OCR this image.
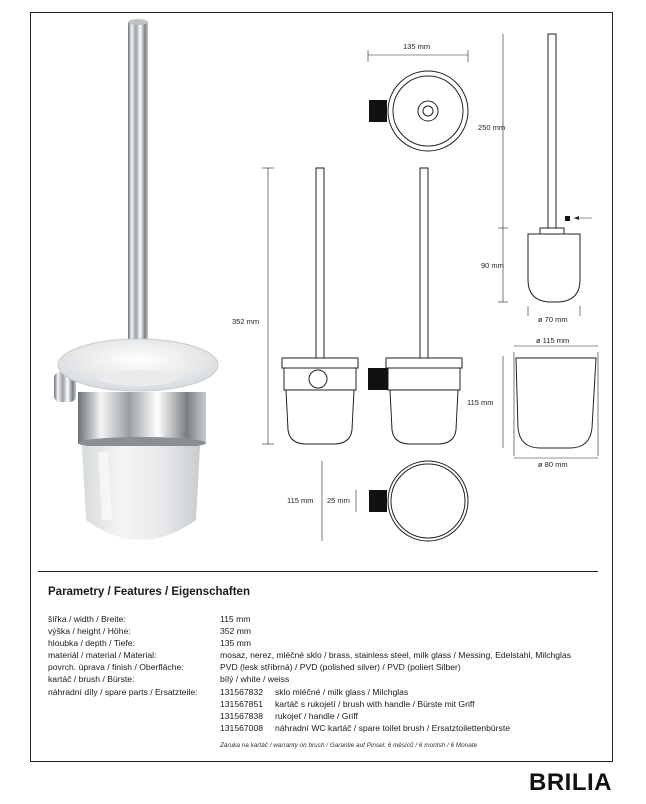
135 mm
250 mm
352 mm
90 mm
ø 70 mm
ø 115 mm
115 mm
ø 80 mm
115 mm 25 mm
Parametry / Features / Eigenschaften
šířka / width / Breite:	115 mm
výška / height / Höhe:	352 mm
hloubka / depth / Tiefe:	135 mm
materiál / material / Material:	mosaz, nerez, mléčné sklo / brass, stainless steel, milk glass / Messing, Edelstahl, Milchglas
povrch. úprava / finish / Oberfläche:	PVD (lesk stříbrná) / PVD (polished silver) / PVD (poliert Silber)
kartáč / brush / Bürste:	bílý / white / weiss
náhradní díly / spare parts / Ersatzteile:	131567832	sklo mléčné / milk glass / Milchglas
131567851	kartáč s rukojetí / brush with handle / Bürste mit Griff
131567838	rukojeť / handle / Griff
131567008	náhradní WC kartáč / spare toilet brush / Ersatztoilettenbürste
Záruka na kartáč / warranty on brush / Garantie auf Pinsel: 6 měsíců / 6 montsh / 6 Monate
BRILIA
